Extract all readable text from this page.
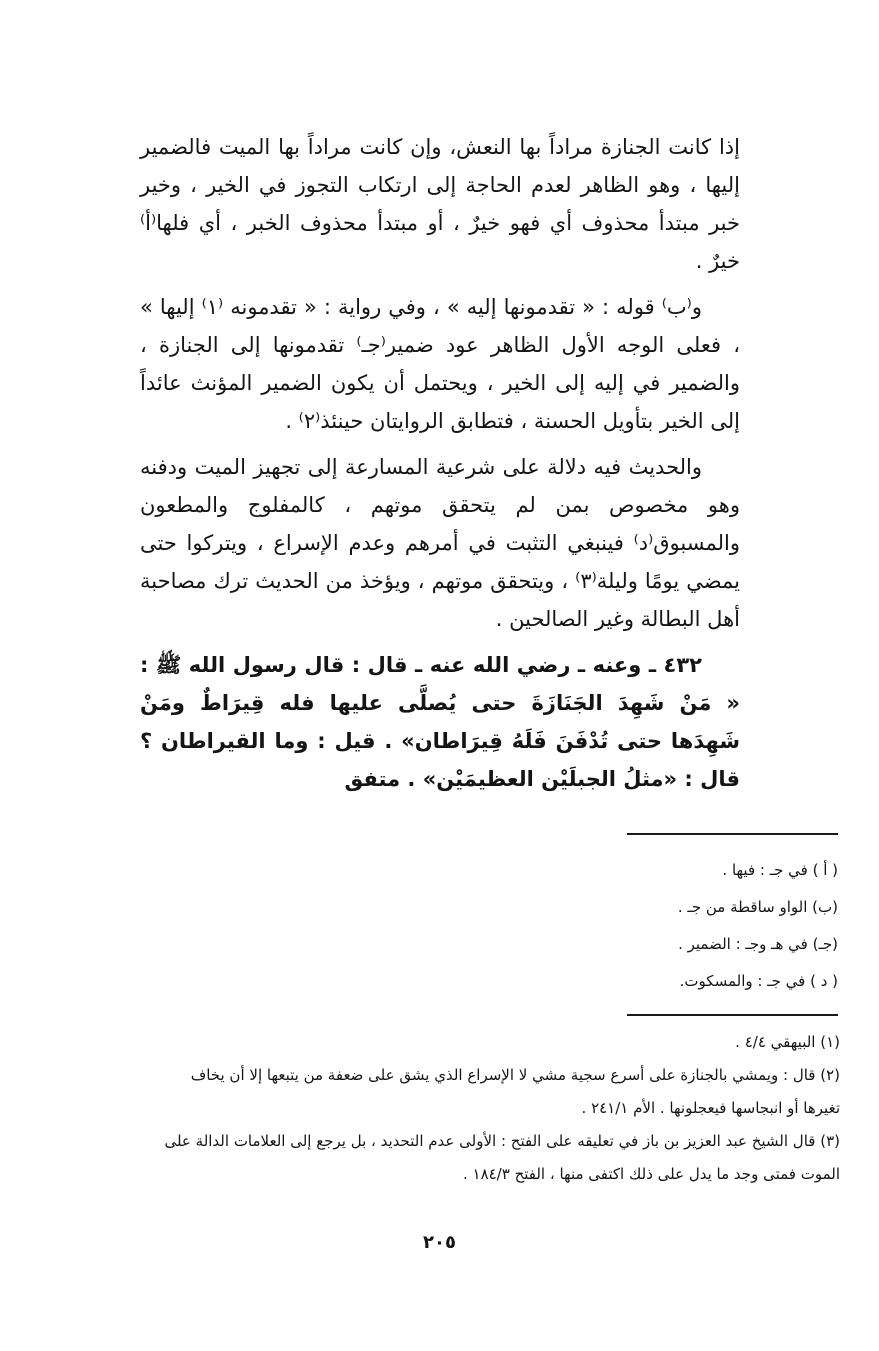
إذا كانت الجنازة مراداً بها النعش، وإن كانت مراداً بها الميت فالضمير إليها ، وهو الظاهر لعدم الحاجة إلى ارتكاب التجوز في الخير ، وخير خبر مبتدأ محذوف أي فهو خيرٌ ، أو مبتدأ محذوف الخبر ، أي فلها⁽أ⁾ خيرٌ .

و⁽ب⁾ قوله : « تقدمونها إليه » ، وفي رواية : « تقدمونه ⁽١⁾ إليها » ، فعلى الوجه الأول الظاهر عود ضمير⁽جـ⁾ تقدمونها إلى الجنازة ، والضمير في إليه إلى الخير ، ويحتمل أن يكون الضمير المؤنث عائداً إلى الخير بتأويل الحسنة ، فتطابق الروايتان حينئذ⁽٢⁾ .

والحديث فيه دلالة على شرعية المسارعة إلى تجهيز الميت ودفنه وهو مخصوص بمن لم يتحقق موتهم ، كالمفلوج والمطعون والمسبوق⁽د⁾ فينبغي التثبت في أمرهم وعدم الإسراع ، ويتركوا حتى يمضي يومًا وليلة⁽٣⁾ ، ويتحقق موتهم ، ويؤخذ من الحديث ترك مصاحبة أهل البطالة وغير الصالحين .

٤٣٢ ـ وعنه ـ رضي الله عنه ـ قال : قال رسول الله ﷺ : « مَنْ شَهِدَ الجَنَازَةَ حتى يُصلَّى عليها فله قِيرَاطٌ ومَنْ شَهِدَها حتى تُدْفَنَ فَلَهُ قِيرَاطان» . قيل : وما القيراطان ؟ قال : «مثلُ الجبلَيْن العظيمَيْن» . متفق

( أ ) في جـ : فيها .

(ب) الواو ساقطة من جـ .

(جـ) في هـ وجـ : الضمير .

( د ) في جـ : والمسكوت.

(١) البيهقي ٤/٤ .

(٢) قال : ويمشي بالجنازة على أسرع سجية مشي لا الإسراع الذي يشق على ضعفة من يتبعها إلا أن يخاف تغيرها أو انبجاسها فيعجلونها . الأم ٢٤١/١ .

(٣) قال الشيخ عبد العزيز بن باز في تعليقه على الفتح : الأولى عدم التحديد ، بل يرجع إلى العلامات الدالة على الموت فمتى وجد ما يدل على ذلك اكتفى منها ، الفتح ١٨٤/٣ .

٢٠٥
